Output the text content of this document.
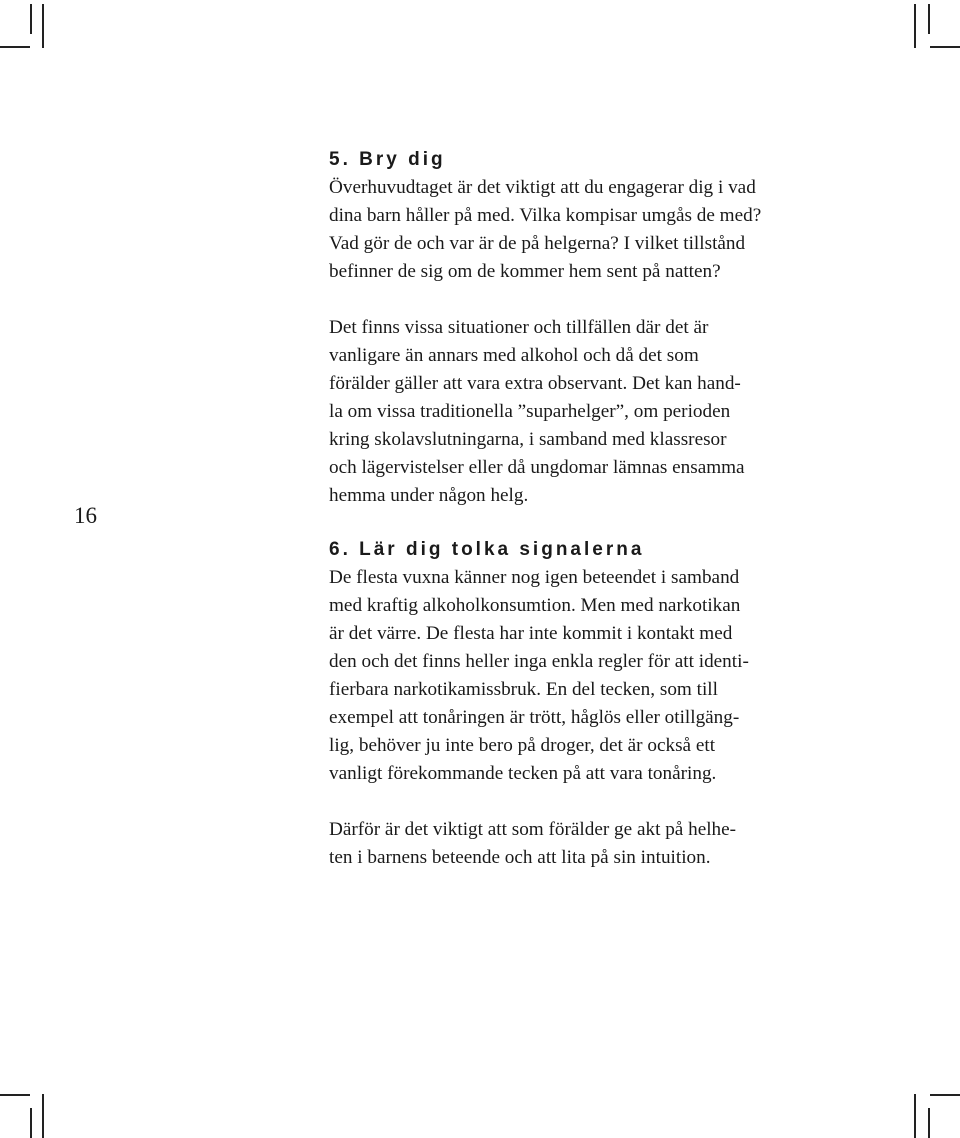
16
5. Bry dig

Överhuvudtaget är det viktigt att du engagerar dig i vad
dina barn håller på med. Vilka kompisar umgås de med?
Vad gör de och var är de på helgerna? I vilket tillstånd
befinner de sig om de kommer hem sent på natten?

Det finns vissa situationer och tillfällen där det är
vanligare än annars med alkohol och då det som
förälder gäller att vara extra observant. Det kan hand-
la om vissa traditionella ”suparhelger”, om perioden
kring skolavslutningarna, i samband med klassresor
och lägervistelser eller då ungdomar lämnas ensamma
hemma under någon helg.

6. Lär dig tolka signalerna

De flesta vuxna känner nog igen beteendet i samband
med kraftig alkoholkonsumtion. Men med narkotikan
är det värre. De flesta har inte kommit i kontakt med
den och det finns heller inga enkla regler för att identi-
fierbara narkotikamissbruk. En del tecken, som till
exempel att tonåringen är trött, håglös eller otillgäng-
lig, behöver ju inte bero på droger, det är också ett
vanligt förekommande tecken på att vara tonåring.

Därför är det viktigt att som förälder ge akt på helhe-
ten i barnens beteende och att lita på sin intuition.
